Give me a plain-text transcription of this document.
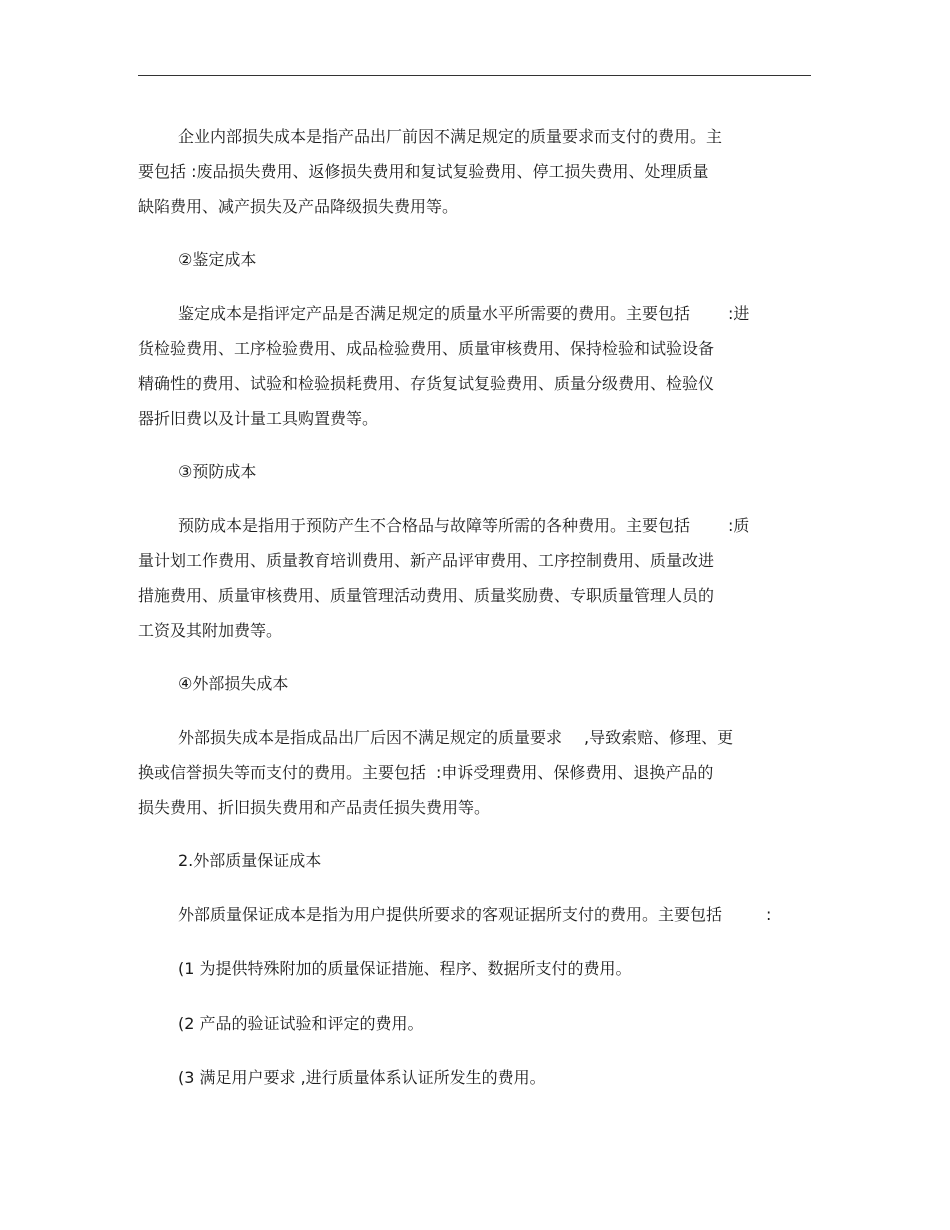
企业内部损失成本是指产品出厂前因不满足规定的质量要求而支付的费用。主
要包括 :废品损失费用、返修损失费用和复试复验费用、停工损失费用、处理质量
缺陷费用、减产损失及产品降级损失费用等。
②鉴定成本
鉴定成本是指评定产品是否满足规定的质量水平所需要的费用。主要包括 :进
货检验费用、工序检验费用、成品检验费用、质量审核费用、保持检验和试验设备
精确性的费用、试验和检验损耗费用、存货复试复验费用、质量分级费用、检验仪
器折旧费以及计量工具购置费等。
③预防成本
预防成本是指用于预防产生不合格品与故障等所需的各种费用。主要包括 :质
量计划工作费用、质量教育培训费用、新产品评审费用、工序控制费用、质量改进
措施费用、质量审核费用、质量管理活动费用、质量奖励费、专职质量管理人员的
工资及其附加费等。
④外部损失成本
外部损失成本是指成品出厂后因不满足规定的质量要求 ,导致索赔、修理、更
换或信誉损失等而支付的费用。主要包括 :申诉受理费用、保修费用、退换产品的
损失费用、折旧损失费用和产品责任损失费用等。
2.外部质量保证成本
外部质量保证成本是指为用户提供所要求的客观证据所支付的费用。主要包括	:
(1 为提供特殊附加的质量保证措施、程序、数据所支付的费用。
(2 产品的验证试验和评定的费用。
(3 满足用户要求 ,进行质量体系认证所发生的费用。
